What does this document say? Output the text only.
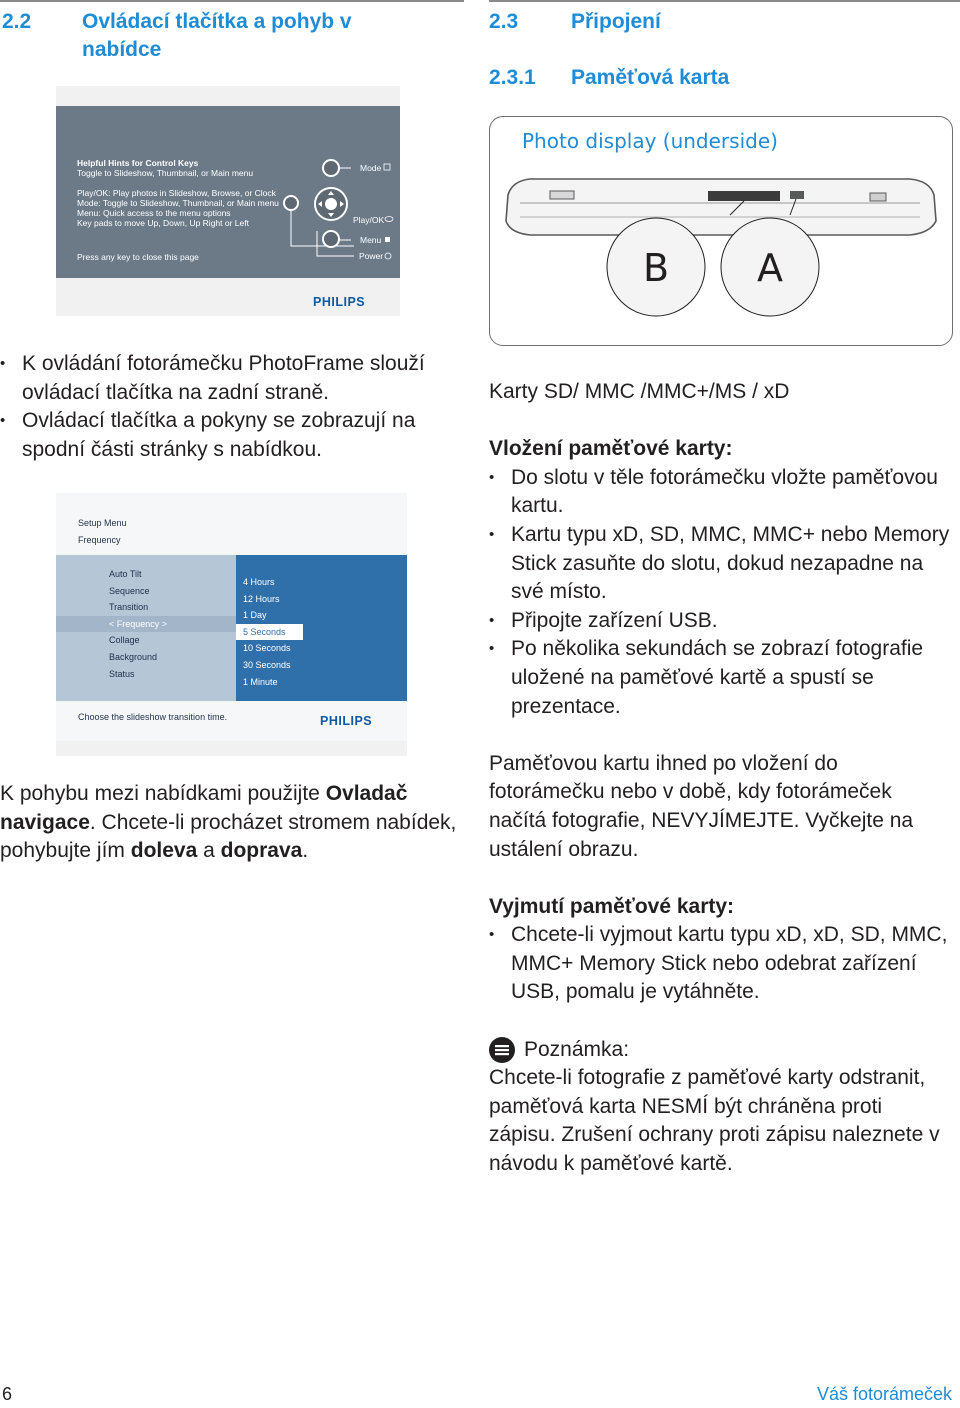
2.2 Ovládací tlačítka a pohyb v nabídce
Helpful Hints for Control Keys
Toggle to Slideshow, Thumbnail, or Main menu
Play/OK: Play photos in Slideshow, Browse, or Clock
Mode: Toggle to Slideshow, Thumbnail, or Main menu
Menu: Quick access to the menu options
Key pads to move Up, Down, Up Right or Left
Press any key to close this page
Mode
Play/OK
Menu
Power
PHILIPS
• K ovládání fotorámečku PhotoFrame slouží ovládací tlačítka na zadní straně.
• Ovládací tlačítka a pokyny se zobrazují na spodní části stránky s nabídkou.
Setup Menu
Frequency
Auto Tilt
Sequence
Transition
< Frequency >
Collage
Background
Status
4 Hours
12 Hours
1 Day
5 Seconds
10 Seconds
30 Seconds
1 Minute
Choose the slideshow transition time.	PHILIPS
K pohybu mezi nabídkami použijte Ovladač navigace. Chcete-li procházet stromem nabídek, pohybujte jím doleva a doprava.
2.3	Připojení
2.3.1 Paměťová karta
Photo display (underside)
B A
Karty SD/ MMC /MMC+/MS / xD
Vložení paměťové karty:
• Do slotu v těle fotorámečku vložte paměťovou kartu.
• Kartu typu xD, SD, MMC, MMC+ nebo Memory Stick zasuňte do slotu, dokud nezapadne na své místo.
• Připojte zařízení USB.
• Po několika sekundách se zobrazí fotografie uložené na paměťové kartě a spustí se prezentace.
Paměťovou kartu ihned po vložení do fotorámečku nebo v době, kdy fotorámeček načítá fotografie, NEVYJÍMEJTE. Vyčkejte na ustálení obrazu.
Vyjmutí paměťové karty:
• Chcete-li vyjmout kartu typu xD, xD, SD, MMC, MMC+ Memory Stick nebo odebrat zařízení USB, pomalu je vytáhněte.
Poznámka:
Chcete-li fotografie z paměťové karty odstranit, paměťová karta NESMÍ být chráněna proti zápisu. Zrušení ochrany proti zápisu naleznete v návodu k paměťové kartě.
6	Váš fotorámeček
